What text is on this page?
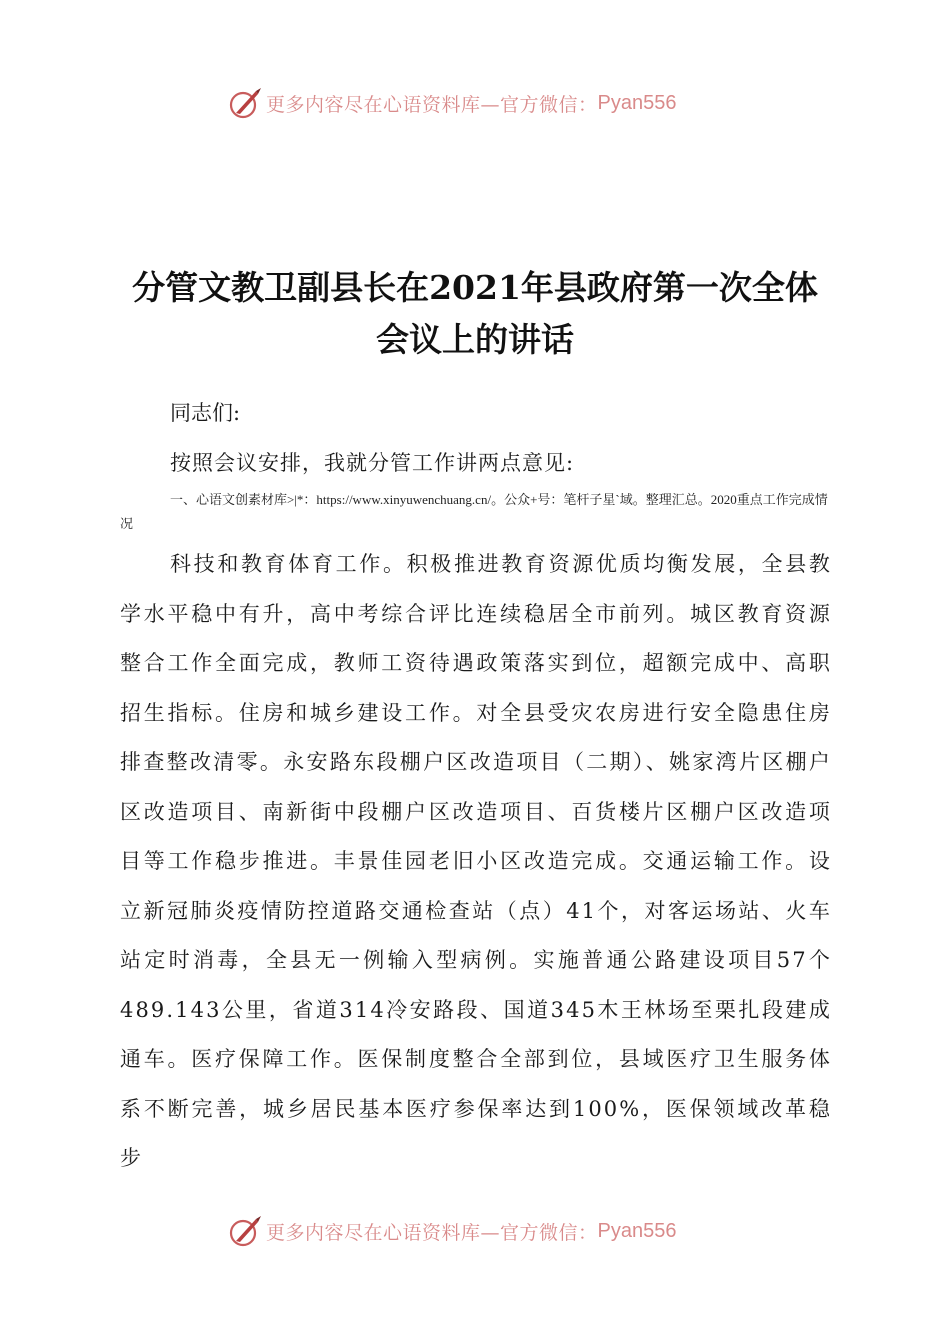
更多内容尽在心语资料库—官方微信： Pyan556
分管文教卫副县长在2021年县政府第一次全体会议上的讲话

同志们:

按照会议安排，我就分管工作讲两点意见:

一、心语文创素材库>|*：https://www.xinyuwenchuang.cn/。公众+号：笔杆子星`域。整理汇总。2020重点工作完成情况

科技和教育体育工作。积极推进教育资源优质均衡发展，全县教学水平稳中有升，高中考综合评比连续稳居全市前列。城区教育资源整合工作全面完成，教师工资待遇政策落实到位，超额完成中、高职招生指标。住房和城乡建设工作。对全县受灾农房进行安全隐患住房排查整改清零。永安路东段棚户区改造项目（二期）、姚家湾片区棚户区改造项目、南新街中段棚户区改造项目、百货楼片区棚户区改造项目等工作稳步推进。丰景佳园老旧小区改造完成。交通运输工作。设立新冠肺炎疫情防控道路交通检查站（点）41个，对客运场站、火车站定时消毒，全县无一例输入型病例。实施普通公路建设项目57个489.143公里，省道314冷安路段、国道345木王林场至栗扎段建成通车。医疗保障工作。医保制度整合全部到位，县域医疗卫生服务体系不断完善，城乡居民基本医疗参保率达到100%，医保领域改革稳步

更多内容尽在心语资料库—官方微信： Pyan556
